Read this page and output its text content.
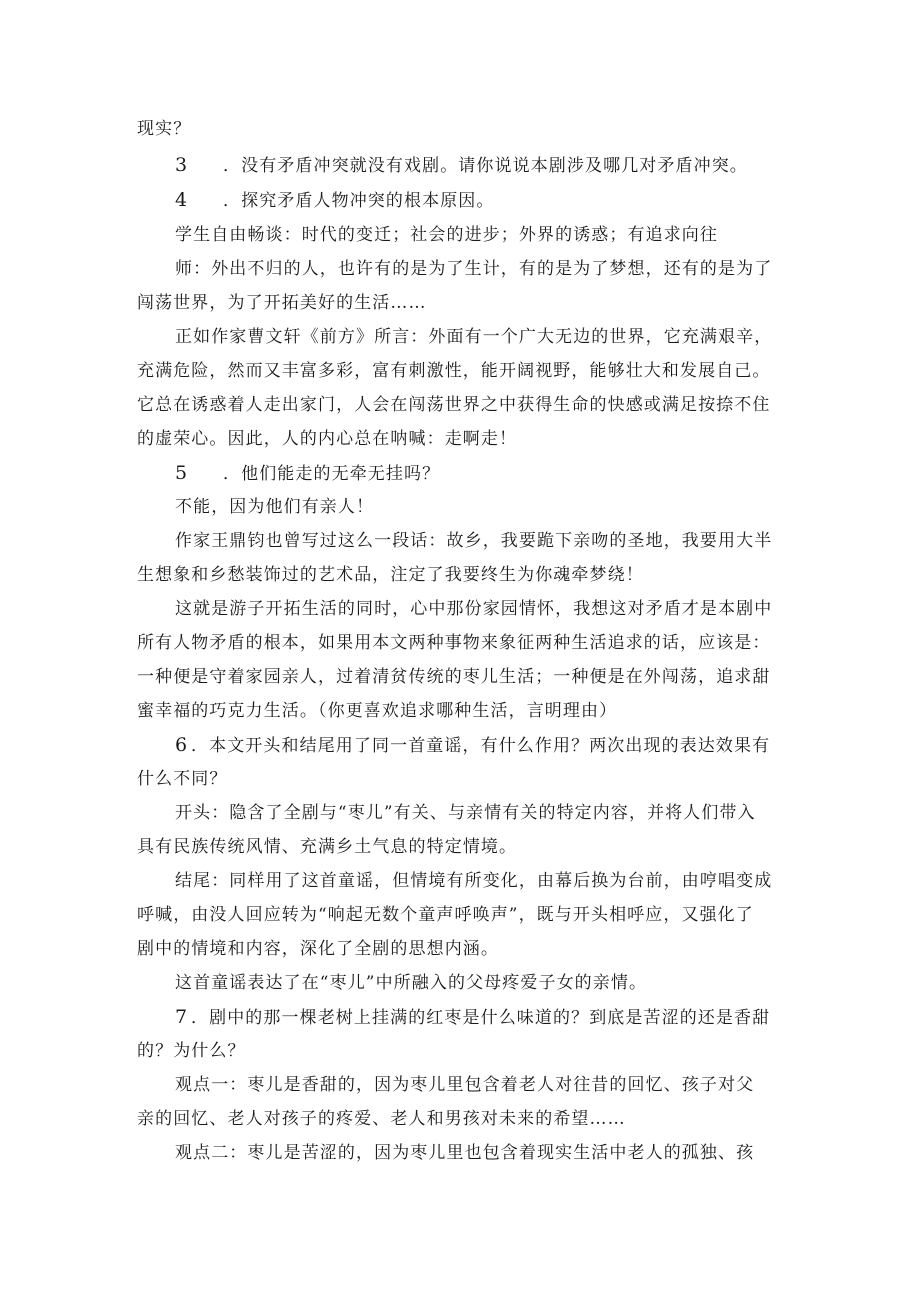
现实？
3 ．没有矛盾冲突就没有戏剧。请你说说本剧涉及哪几对矛盾冲突。
4 ．探究矛盾人物冲突的根本原因。
学生自由畅谈：时代的变迁；社会的进步；外界的诱惑；有追求向往
师：外出不归的人，也许有的是为了生计，有的是为了梦想，还有的是为了
闯荡世界，为了开拓美好的生活……
正如作家曹文轩《前方》所言：外面有一个广大无边的世界，它充满艰辛，
充满危险，然而又丰富多彩，富有刺激性，能开阔视野，能够壮大和发展自己。
它总在诱惑着人走出家门，人会在闯荡世界之中获得生命的快感或满足按捺不住
的虚荣心。因此，人的内心总在呐喊：走啊走！
5 ．他们能走的无牵无挂吗？
不能，因为他们有亲人！
作家王鼎钧也曾写过这么一段话：故乡，我要跪下亲吻的圣地，我要用大半
生想象和乡愁装饰过的艺术品，注定了我要终生为你魂牵梦绕！
这就是游子开拓生活的同时，心中那份家园情怀，我想这对矛盾才是本剧中
所有人物矛盾的根本，如果用本文两种事物来象征两种生活追求的话，应该是：
一种便是守着家园亲人，过着清贫传统的枣儿生活；一种便是在外闯荡，追求甜
蜜幸福的巧克力生活。（你更喜欢追求哪种生活，言明理由）
6 ．本文开头和结尾用了同一首童谣，有什么作用？两次出现的表达效果有
什么不同？
开头：隐含了全剧与“枣儿”有关、与亲情有关的特定内容，并将人们带入
具有民族传统风情、充满乡土气息的特定情境。
结尾：同样用了这首童谣，但情境有所变化，由幕后换为台前，由哼唱变成
呼喊，由没人回应转为“响起无数个童声呼唤声”，既与开头相呼应，又强化了
剧中的情境和内容，深化了全剧的思想内涵。
这首童谣表达了在“枣儿”中所融入的父母疼爱子女的亲情。
7 ．剧中的那一棵老树上挂满的红枣是什么味道的？到底是苦涩的还是香甜
的？为什么？
观点一：枣儿是香甜的，因为枣儿里包含着老人对往昔的回忆、孩子对父
亲的回忆、老人对孩子的疼爱、老人和男孩对未来的希望……
观点二：枣儿是苦涩的，因为枣儿里也包含着现实生活中老人的孤独、孩
